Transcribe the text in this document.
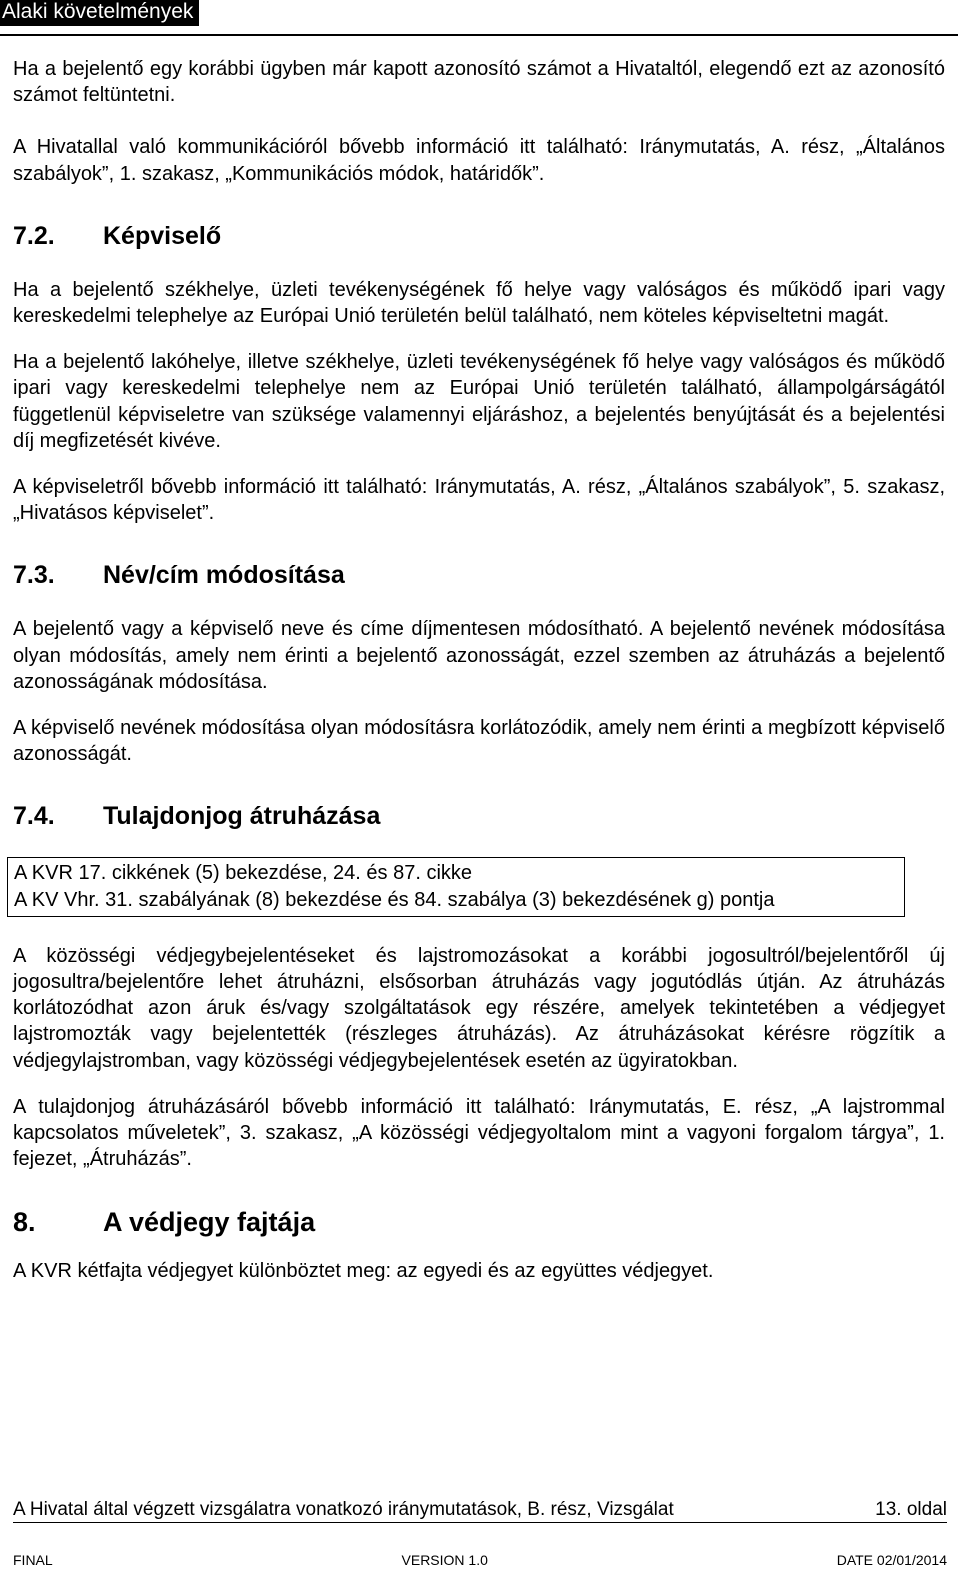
Alaki követelmények

Ha a bejelentő egy korábbi ügyben már kapott azonosító számot a Hivataltól, elegendő ezt az azonosító számot feltüntetni.

A Hivatallal való kommunikációról bővebb információ itt található: Iránymutatás, A. rész, „Általános szabályok”, 1. szakasz, „Kommunikációs módok, határidők”.

7.2.	Képviselő

Ha a bejelentő székhelye, üzleti tevékenységének fő helye vagy valóságos és működő ipari vagy kereskedelmi telephelye az Európai Unió területén belül található, nem köteles képviseltetni magát.

Ha a bejelentő lakóhelye, illetve székhelye, üzleti tevékenységének fő helye vagy valóságos és működő ipari vagy kereskedelmi telephelye nem az Európai Unió területén található, állampolgárságától függetlenül képviseletre van szüksége valamennyi eljáráshoz, a bejelentés benyújtását és a bejelentési díj megfizetését kivéve.

A képviseletről bővebb információ itt található: Iránymutatás, A. rész, „Általános szabályok”, 5. szakasz, „Hivatásos képviselet”.

7.3.	Név/cím módosítása

A bejelentő vagy a képviselő neve és címe díjmentesen módosítható. A bejelentő nevének módosítása olyan módosítás, amely nem érinti a bejelentő azonosságát, ezzel szemben az átruházás a bejelentő azonosságának módosítása.

A képviselő nevének módosítása olyan módosításra korlátozódik, amely nem érinti a megbízott képviselő azonosságát.

7.4.	Tulajdonjog átruházása
A KVR 17. cikkének (5) bekezdése, 24. és 87. cikke
A KV Vhr. 31. szabályának (8) bekezdése és 84. szabálya (3) bekezdésének g) pontja

A közösségi védjegybejelentéseket és lajstromozásokat a korábbi jogosultról/bejelentőről új jogosultra/bejelentőre lehet átruházni, elsősorban átruházás vagy jogutódlás útján. Az átruházás korlátozódhat azon áruk és/vagy szolgáltatások egy részére, amelyek tekintetében a védjegyet lajstromozták vagy bejelentették (részleges átruházás). Az átruházásokat kérésre rögzítik a védjegylajstromban, vagy közösségi védjegybejelentések esetén az ügyiratokban.

A tulajdonjog átruházásáról bővebb információ itt található: Iránymutatás, E. rész, „A lajstrommal kapcsolatos műveletek”, 3. szakasz, „A közösségi védjegyoltalom mint a vagyoni forgalom tárgya”, 1. fejezet, „Átruházás”.

8.	A védjegy fajtája

A KVR kétfajta védjegyet különböztet meg: az egyedi és az együttes védjegyet.

A Hivatal által végzett vizsgálatra vonatkozó iránymutatások, B. rész, Vizsgálat	13. oldal
FINAL	VERSION 1.0	DATE 02/01/2014
